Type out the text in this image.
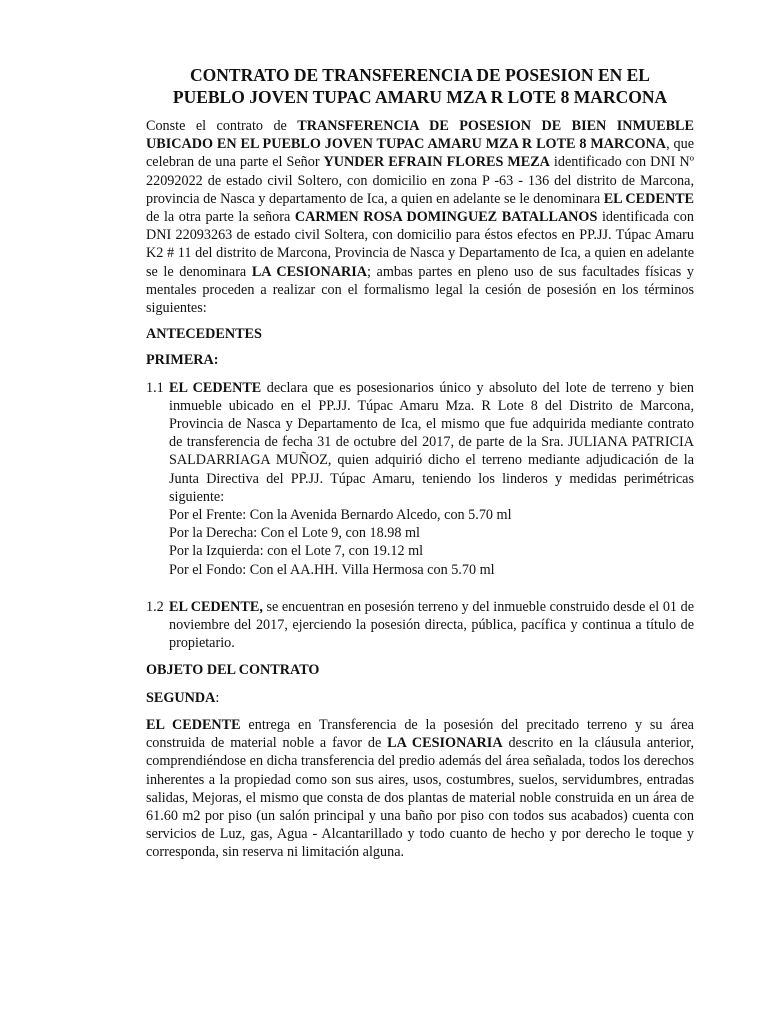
CONTRATO DE TRANSFERENCIA DE POSESION EN EL
PUEBLO JOVEN TUPAC AMARU MZA R LOTE 8 MARCONA

Conste el contrato de TRANSFERENCIA DE POSESION DE BIEN INMUEBLE UBICADO EN EL PUEBLO JOVEN TUPAC AMARU MZA R LOTE 8 MARCONA, que celebran de una parte el Señor YUNDER EFRAIN FLORES MEZA identificado con DNI Nº 22092022 de estado civil Soltero, con domicilio en zona P -63 - 136 del distrito de Marcona, provincia de Nasca y departamento de Ica, a quien en adelante se le denominara EL CEDENTE de la otra parte la señora CARMEN ROSA DOMINGUEZ BATALLANOS identificada con DNI 22093263 de estado civil Soltera, con domicilio para éstos efectos en PP.JJ. Túpac Amaru K2 # 11 del distrito de Marcona, Provincia de Nasca y Departamento de Ica, a quien en adelante se le denominara LA CESIONARIA; ambas partes en pleno uso de sus facultades físicas y mentales proceden a realizar con el formalismo legal la cesión de posesión en los términos siguientes:

ANTECEDENTES

PRIMERA:

1.1 EL CEDENTE declara que es posesionarios único y absoluto del lote de terreno y bien inmueble ubicado en el PP.JJ. Túpac Amaru Mza. R Lote 8 del Distrito de Marcona, Provincia de Nasca y Departamento de Ica, el mismo que fue adquirida mediante contrato de transferencia de fecha 31 de octubre del 2017, de parte de la Sra. JULIANA PATRICIA SALDARRIAGA MUÑOZ, quien adquirió dicho el terreno mediante adjudicación de la Junta Directiva del PP.JJ. Túpac Amaru, teniendo los linderos y medidas perimétricas siguiente:
Por el Frente: Con la Avenida Bernardo Alcedo, con 5.70 ml
Por la Derecha: Con el Lote 9, con 18.98 ml
Por la Izquierda: con el Lote 7, con 19.12 ml
Por el Fondo: Con el AA.HH. Villa Hermosa con 5.70 ml
1.2 EL CEDENTE, se encuentran en posesión terreno y del inmueble construido desde el 01 de noviembre del 2017, ejerciendo la posesión directa, pública, pacífica y continua a título de propietario.

OBJETO DEL CONTRATO

SEGUNDA:

EL CEDENTE entrega en Transferencia de la posesión del precitado terreno y su área construida de material noble a favor de LA CESIONARIA descrito en la cláusula anterior, comprendiéndose en dicha transferencia del predio además del área señalada, todos los derechos inherentes a la propiedad como son sus aires, usos, costumbres, suelos, servidumbres, entradas salidas, Mejoras, el mismo que consta de dos plantas de material noble construida en un área de 61.60 m2 por piso (un salón principal y una baño por piso con todos sus acabados) cuenta con servicios de Luz, gas, Agua - Alcantarillado y todo cuanto de hecho y por derecho le toque y corresponda, sin reserva ni limitación alguna.
